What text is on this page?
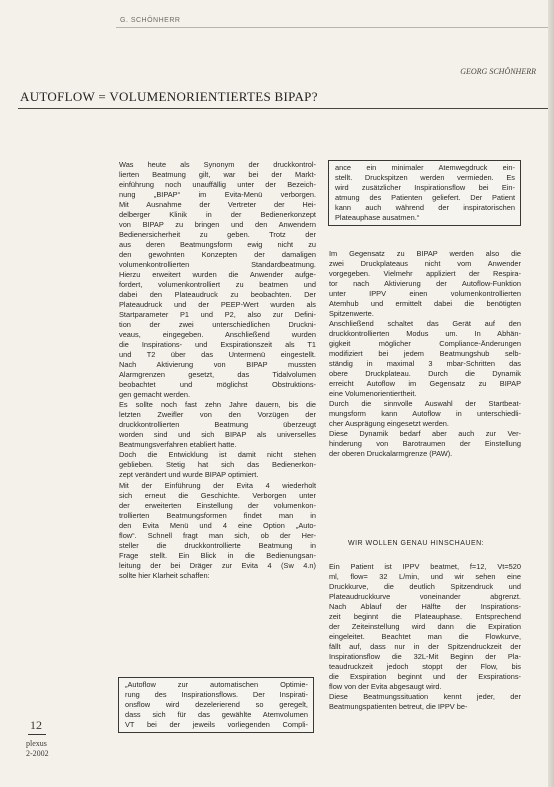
G. SCHÖNHERR
GEORG SCHÖNHERR
AUTOFLOW = VOLUMENORIENTIERTES BIPAP?
Was heute als Synonym der druckkontrol-
lierten Beatmung gilt, war bei der Markt-
einführung noch unauffällig unter der Bezeich-
nung „BIPAP“ im Evita-Menü verborgen.
Mit Ausnahme der Vertreter der Hei-
delberger Klinik in der Bedienerkonzept
von BIPAP zu bringen und den Anwendern
Bedienersicherheit zu geben. Trotz der
aus deren Beatmungsform ewig nicht zu
den gewohnten Konzepten der damaligen
volumenkontrollierten Standardbeatmung.
Hierzu erweitert wurden die Anwender aufge-
fordert, volumenkontrolliert zu beatmen und
dabei den Plateaudruck zu beobachten. Der
Plateaudruck und der PEEP-Wert wurden als
Startparameter P1 und P2, also zur Defini-
tion der zwei unterschiedlichen Druckni-
veaus, eingegeben. Anschließend wurden
die Inspirations- und Exspirationszeit als T1
und T2 über das Untermenü eingestellt.
Nach Aktivierung von BIPAP mussten
Alarmgrenzen gesetzt, das Tidalvolumen
beobachtet und möglichst Obstruktions-
gen gemacht werden.
Es sollte noch fast zehn Jahre dauern, bis die
letzten Zweifler von den Vorzügen der
druckkontrollierten Beatmung überzeugt
worden sind und sich BIPAP als universelles
Beatmungsverfahren etabliert hatte.
Doch die Entwicklung ist damit nicht stehen
geblieben. Stetig hat sich das Bedienerkon-
zept verändert und wurde BIPAP optimiert.
Mit der Einführung der Evita 4 wiederholt
sich erneut die Geschichte. Verborgen unter
der erweiterten Einstellung der volumenkon-
trollierten Beatmungsformen findet man in
den Evita Menü und 4 eine Option „Auto-
flow“. Schnell fragt man sich, ob der Her-
steller die druckkontrollierte Beatmung in
Frage stellt. Ein Blick in die Bedienungsan-
leitung der bei Dräger zur Evita 4 (Sw 4.n)
sollte hier Klarheit schaffen:
ance ein minimaler Atemwegdruck ein-
stellt. Druckspitzen werden vermieden. Es
wird zusätzlicher Inspirationsflow bei Ein-
atmung des Patienten geliefert. Der Patient
kann auch während der inspiratorischen
Plateauphase ausatmen.“
Im Gegensatz zu BIPAP werden also die
zwei Druckplateaus nicht vom Anwender
vorgegeben. Vielmehr appliziert der Respira-
tor nach Aktivierung der Autoflow-Funktion
unter IPPV einen volumenkontrollierten
Atemhub und ermittelt dabei die benötigten
Spitzenwerte.
Anschließend schaltet das Gerät auf den
druckkontrollierten Modus um. In Abhän-
gigkeit möglicher Compliance-Änderungen
modifiziert bei jedem Beatmungshub selb-
ständig in maximal 3 mbar-Schritten das
obere Druckplateau. Durch die Dynamik
erreicht Autoflow im Gegensatz zu BIPAP
eine Volumenorientiertheit.
Durch die sinnvolle Auswahl der Startbeat-
mungsform kann Autoflow in unterschiedli-
cher Ausprägung eingesetzt werden.
Diese Dynamik bedarf aber auch zur Ver-
hinderung von Barotraumen der Einstellung
der oberen Druckalarmgrenze (PAW).
WIR WOLLEN GENAU HINSCHAUEN:
Ein Patient ist IPPV beatmet, f=12, Vt=520
ml, flow= 32 L/min, und wir sehen eine
Druckkurve, die deutlich Spitzendruck und
Plateaudruckkurve voneinander abgrenzt.
Nach Ablauf der Hälfte der Inspirations-
zeit beginnt die Plateauphase. Entsprechend
der Zeiteinstellung wird dann die Expiration
eingeleitet. Beachtet man die Flowkurve,
fällt auf, dass nur in der Spitzendruckzeit der
Inspirationsflow die 32L-Mit Beginn der Pla-
teaudruckzeit jedoch stoppt der Flow, bis
die Exspiration beginnt und der Exspirations-
flow von der Evita abgesaugt wird.
Diese Beatmungssituation kennt jeder, der
Beatmungspatienten betreut, die IPPV be-
„Autoflow zur automatischen Optimie-
rung des Inspirationsflows. Der Inspirati-
onsflow wird dezelerierend so geregelt,
dass sich für das gewählte Atemvolumen
VT bei der jeweils vorliegenden Compli-
12
plexus
2-2002
